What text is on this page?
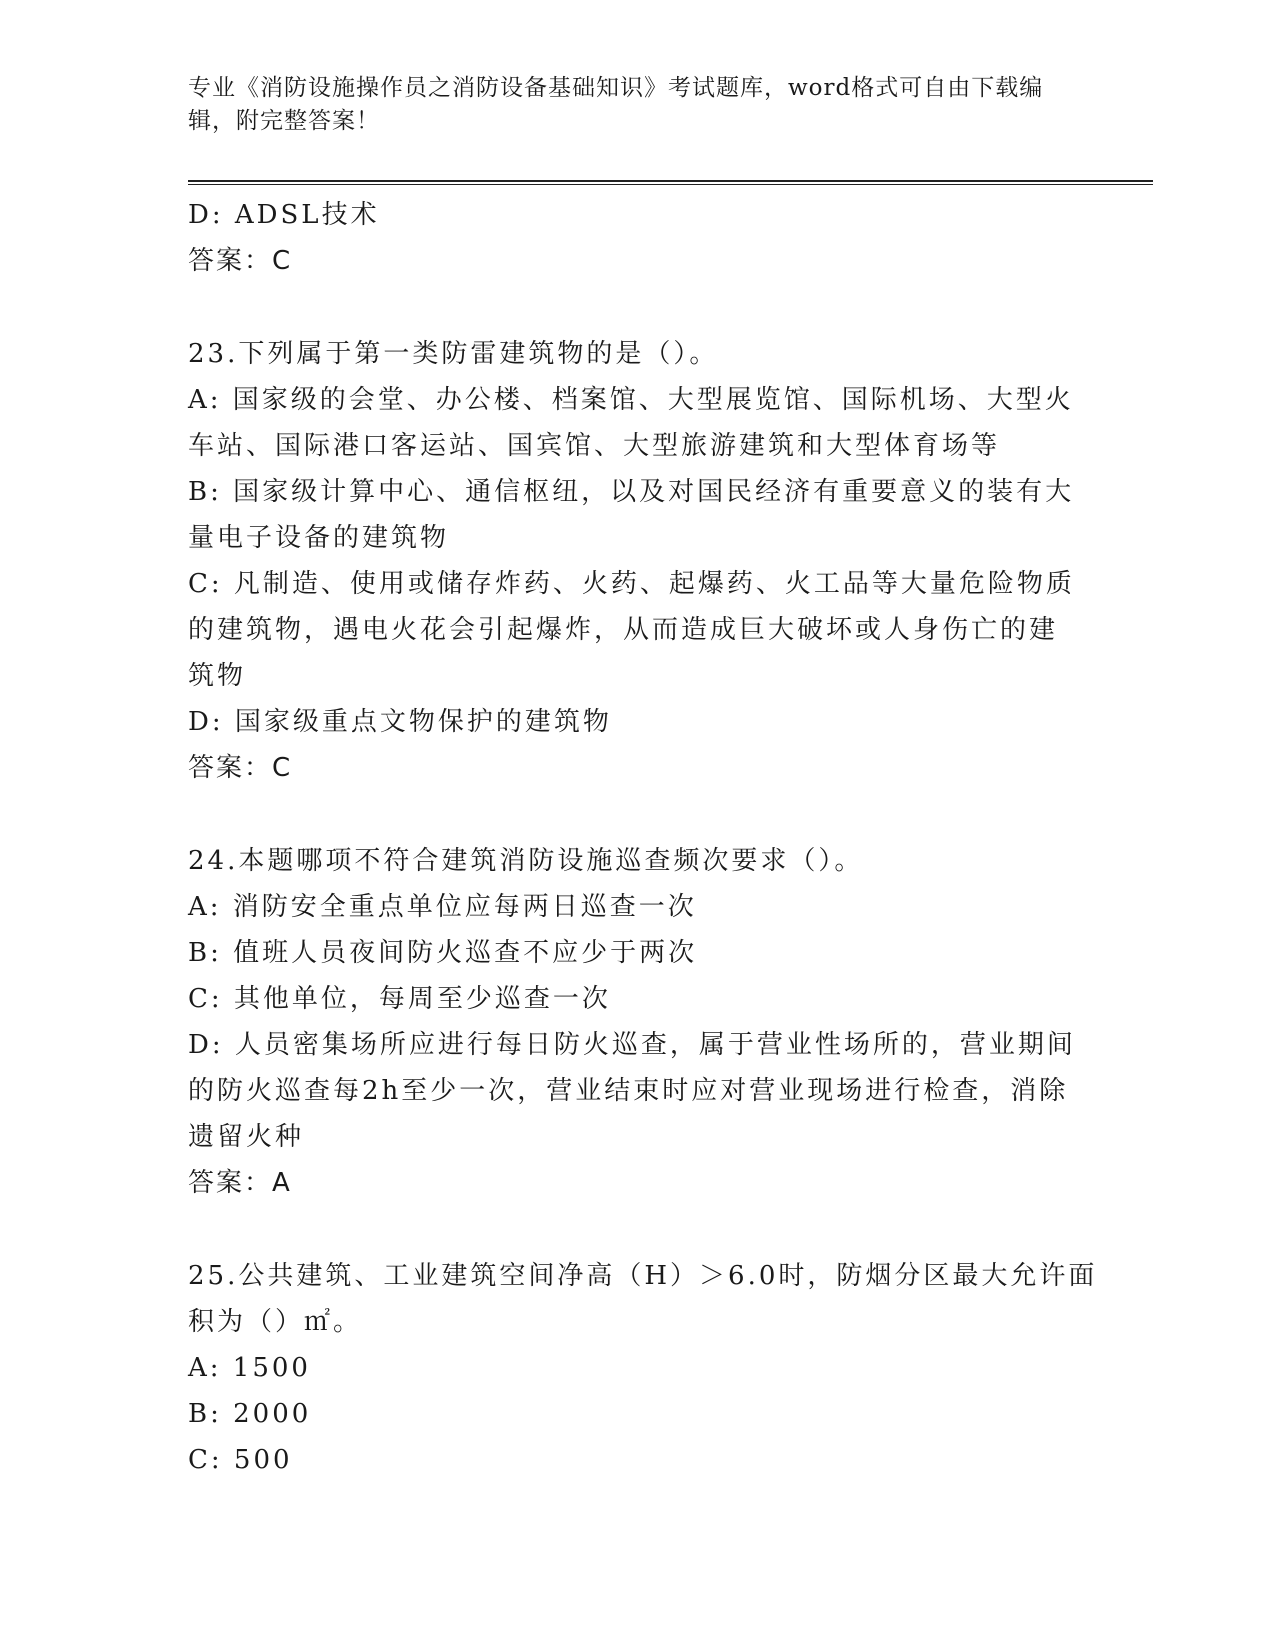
专业《消防设施操作员之消防设备基础知识》考试题库，word格式可自由下载编
辑，附完整答案！
D: ADSL技术
答案：C
23.下列属于第一类防雷建筑物的是（）。
A: 国家级的会堂、办公楼、档案馆、大型展览馆、国际机场、大型火
车站、国际港口客运站、国宾馆、大型旅游建筑和大型体育场等
B: 国家级计算中心、通信枢纽，以及对国民经济有重要意义的装有大
量电子设备的建筑物
C: 凡制造、使用或储存炸药、火药、起爆药、火工品等大量危险物质
的建筑物，遇电火花会引起爆炸，从而造成巨大破坏或人身伤亡的建
筑物
D: 国家级重点文物保护的建筑物
答案：C
24.本题哪项不符合建筑消防设施巡查频次要求（）。
A: 消防安全重点单位应每两日巡查一次
B: 值班人员夜间防火巡查不应少于两次
C: 其他单位，每周至少巡查一次
D: 人员密集场所应进行每日防火巡查，属于营业性场所的，营业期间
的防火巡查每2h至少一次，营业结束时应对营业现场进行检查，消除
遗留火种
答案：A
25.公共建筑、工业建筑空间净高（H）＞6.0时，防烟分区最大允许面
积为（）㎡。
A: 1500
B: 2000
C: 500
